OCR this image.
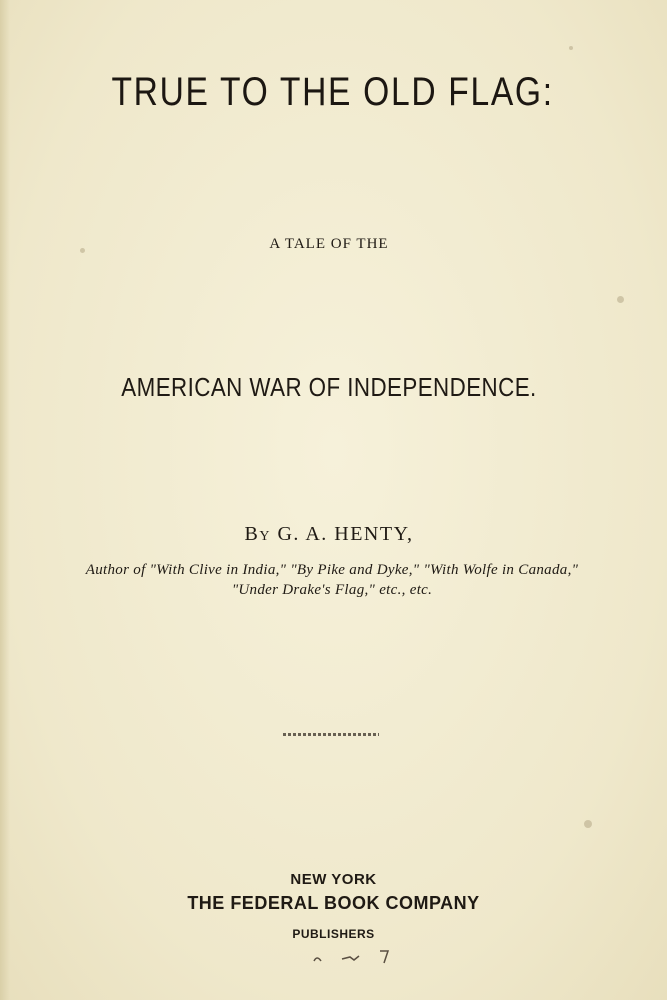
TRUE TO THE OLD FLAG:
A TALE OF THE
AMERICAN WAR OF INDEPENDENCE.
By G. A. HENTY,
Author of "With Clive in India," "By Pike and Dyke," "With Wolfe in Canada," "Under Drake's Flag," etc., etc.
NEW YORK
THE FEDERAL BOOK COMPANY
PUBLISHERS
